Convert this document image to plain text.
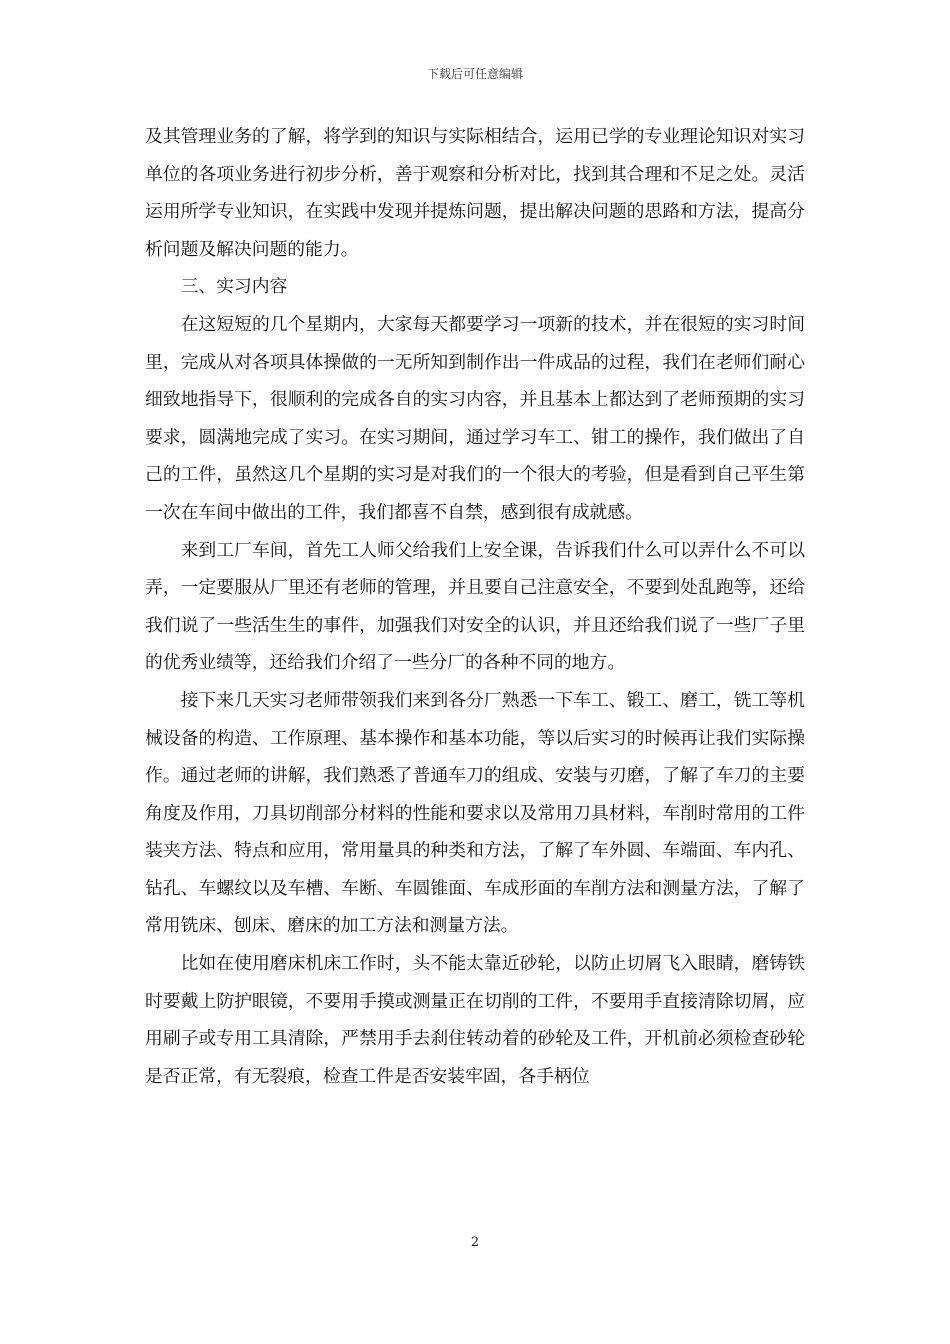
下载后可任意编辑

及其管理业务的了解，将学到的知识与实际相结合，运用已学的专业理论知识对实习单位的各项业务进行初步分析，善于观察和分析对比，找到其合理和不足之处。灵活运用所学专业知识，在实践中发现并提炼问题，提出解决问题的思路和方法，提高分析问题及解决问题的能力。

三、实习内容

在这短短的几个星期内，大家每天都要学习一项新的技术，并在很短的实习时间里，完成从对各项具体操做的一无所知到制作出一件成品的过程，我们在老师们耐心细致地指导下，很顺利的完成各自的实习内容，并且基本上都达到了老师预期的实习要求，圆满地完成了实习。在实习期间，通过学习车工、钳工的操作，我们做出了自己的工件，虽然这几个星期的实习是对我们的一个很大的考验，但是看到自己平生第一次在车间中做出的工件，我们都喜不自禁，感到很有成就感。

来到工厂车间，首先工人师父给我们上安全课，告诉我们什么可以弄什么不可以弄，一定要服从厂里还有老师的管理，并且要自己注意安全，不要到处乱跑等，还给我们说了一些活生生的事件，加强我们对安全的认识，并且还给我们说了一些厂子里的优秀业绩等，还给我们介绍了一些分厂的各种不同的地方。

接下来几天实习老师带领我们来到各分厂熟悉一下车工、锻工、磨工，铣工等机械设备的构造、工作原理、基本操作和基本功能，等以后实习的时候再让我们实际操作。通过老师的讲解，我们熟悉了普通车刀的组成、安装与刃磨，了解了车刀的主要角度及作用，刀具切削部分材料的性能和要求以及常用刀具材料，车削时常用的工件装夹方法、特点和应用，常用量具的种类和方法，了解了车外圆、车端面、车内孔、钻孔、车螺纹以及车槽、车断、车圆锥面、车成形面的车削方法和测量方法，了解了常用铣床、刨床、磨床的加工方法和测量方法。

比如在使用磨床机床工作时，头不能太靠近砂轮，以防止切屑飞入眼睛，磨铸铁时要戴上防护眼镜，不要用手摸或测量正在切削的工件，不要用手直接清除切屑，应用刷子或专用工具清除，严禁用手去刹住转动着的砂轮及工件，开机前必须检查砂轮是否正常，有无裂痕，检查工件是否安装牢固，各手柄位

2
